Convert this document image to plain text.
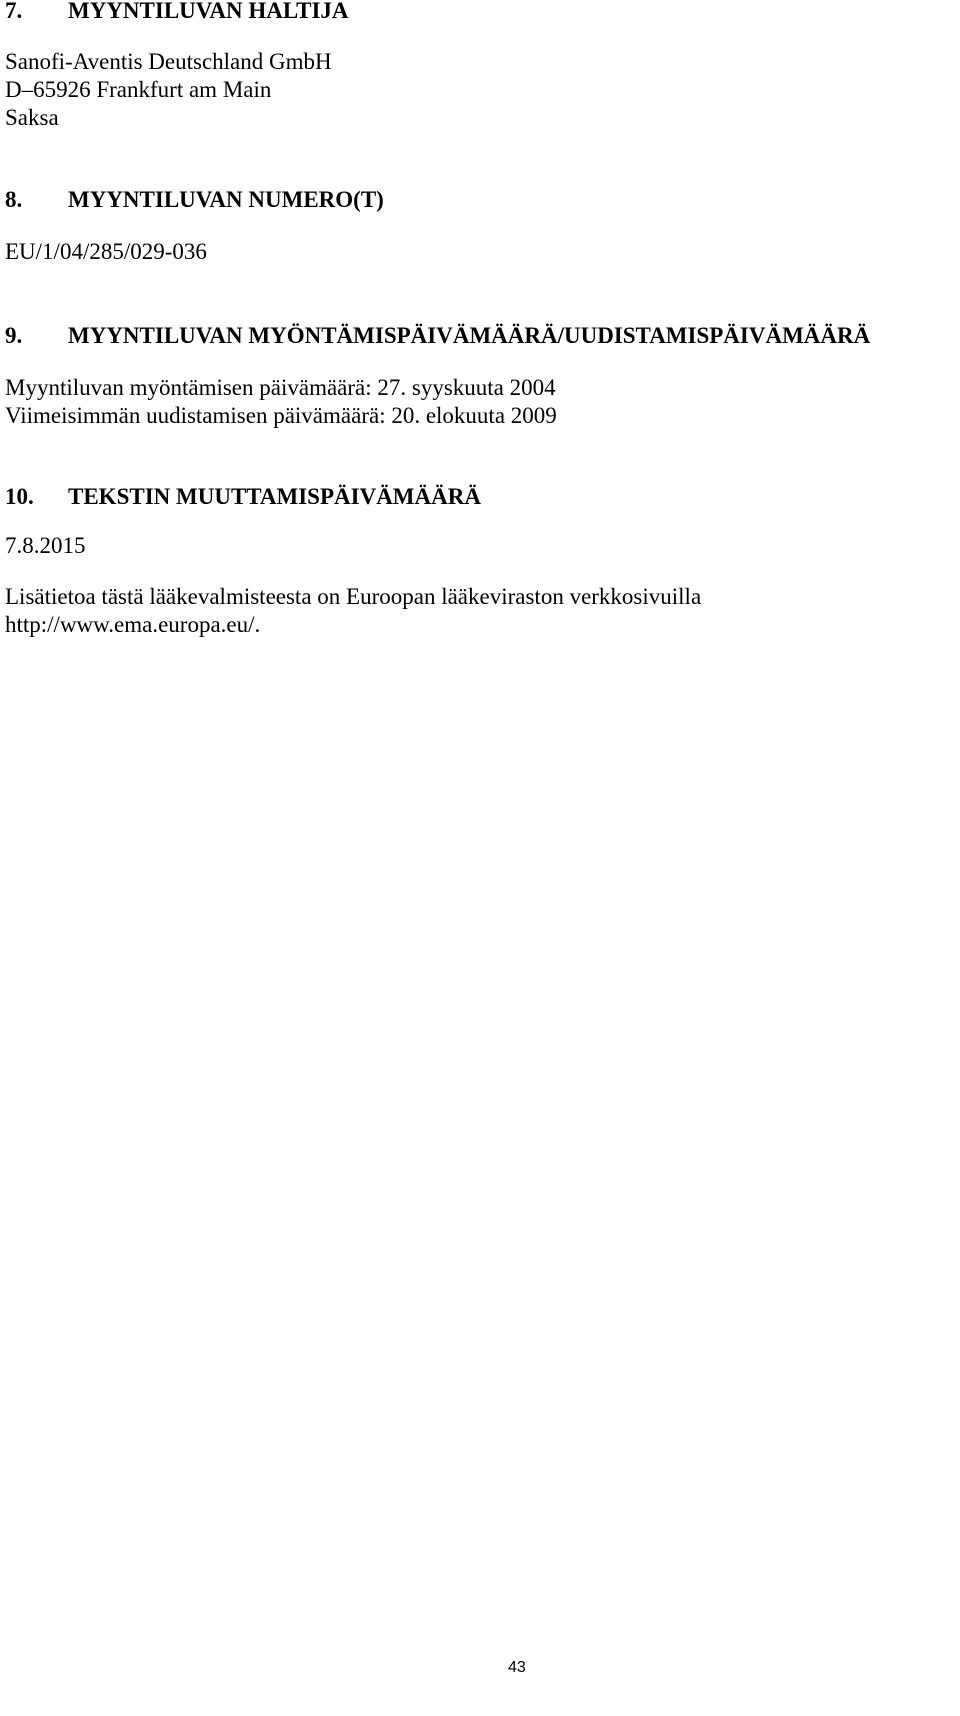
7. MYYNTILUVAN HALTIJA
Sanofi-Aventis Deutschland GmbH
D–65926 Frankfurt am Main
Saksa
8. MYYNTILUVAN NUMERO(T)
EU/1/04/285/029-036
9. MYYNTILUVAN MYÖNTÄMISPÄIVÄMÄÄRÄ/UUDISTAMISPÄIVÄMÄÄRÄ
Myyntiluvan myöntämisen päivämäärä: 27. syyskuuta 2004
Viimeisimmän uudistamisen päivämäärä: 20. elokuuta 2009
10. TEKSTIN MUUTTAMISPÄIVÄMÄÄRÄ
7.8.2015
Lisätietoa tästä lääkevalmisteesta on Euroopan lääkeviraston verkkosivuilla
http://www.ema.europa.eu/.
43
